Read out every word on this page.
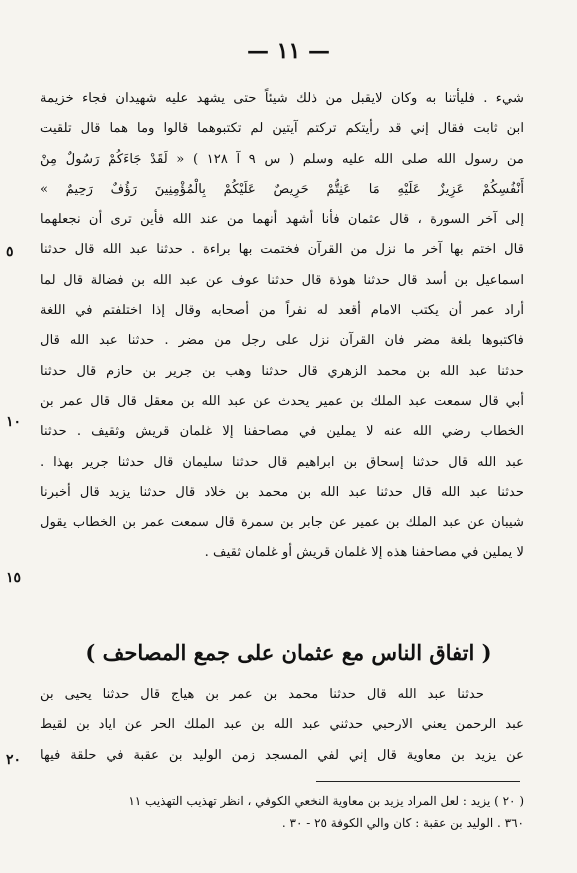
— ١١ —
شيء . فليأتنا به وكان لايقبل من ذلك شيئاً حتى يشهد عليه شهيدان فجاء خزيمة
ابن ثابت فقال إني قد رأيتكم تركتم آيتين لم تكتبوهما قالوا وما هما قال تلقيت
من رسول الله صلى الله عليه وسلم ( س ٩ آ ١٢٨ ) « لَقَدْ جَاءَكُمْ رَسُولٌ مِنْ
أَنْفُسِكُمْ عَزِيزٌ عَلَيْهِ مَا عَنِتُّمْ حَرِيصٌ عَلَيْكُمْ بِالْمُؤْمِنِينَ رَؤُفٌ رَحِيمٌ »
إلى آخر السورة ، قال عثمان فأنا أشهد أنهما من عند الله فأين ترى أن نجعلهما
قال اختم بها آخر ما نزل من القرآن فختمت بها براءة . حدثنا عبد الله قال حدثنا
اسماعيل بن أسد قال حدثنا هوذة قال حدثنا عوف عن عبد الله بن فضالة قال لما
أراد عمر أن يكتب الامام أقعد له نفراً من أصحابه وقال إذا اختلفتم في اللغة
فاكتبوها بلغة مضر فان القرآن نزل على رجل من مضر . حدثنا عبد الله قال
حدثنا عبد الله بن محمد الزهري قال حدثنا وهب بن جرير بن حازم قال حدثنا
أبي قال سمعت عبد الملك بن عمير يحدث عن عبد الله بن معقل قال قال عمر بن
الخطاب رضي الله عنه لا يملين في مصاحفنا إلا غلمان قريش وثقيف . حدثنا
عبد الله قال حدثنا إسحاق بن ابراهيم قال حدثنا سليمان قال حدثنا جرير بهذا .
حدثنا عبد الله قال حدثنا عبد الله بن محمد بن خلاد قال حدثنا يزيد قال أخبرنا
شيبان عن عبد الملك بن عمير عن جابر بن سمرة قال سمعت عمر بن الخطاب يقول
لا يملين في مصاحفنا هذه إلا غلمان قريش أو غلمان ثقيف .
٥
١٠
١٥
٢٠
( اتفاق الناس مع عثمان على جمع المصاحف )
حدثنا عبد الله قال حدثنا محمد بن عمر بن هياج قال حدثنا يحيى بن
عبد الرحمن يعني الارحبي حدثني عبد الله بن عبد الملك الحر عن اياد بن لقيط
عن يزيد بن معاوية قال إني لفي المسجد زمن الوليد بن عقبة في حلقة فيها
( ٢٠ ) يزيد : لعل المراد يزيد بن معاوية النخعي الكوفي ، انظر تهذيب التهذيب ١١
٣٦٠ . الوليد بن عقبة : كان والي الكوفة ٢٥ - ٣٠ .
